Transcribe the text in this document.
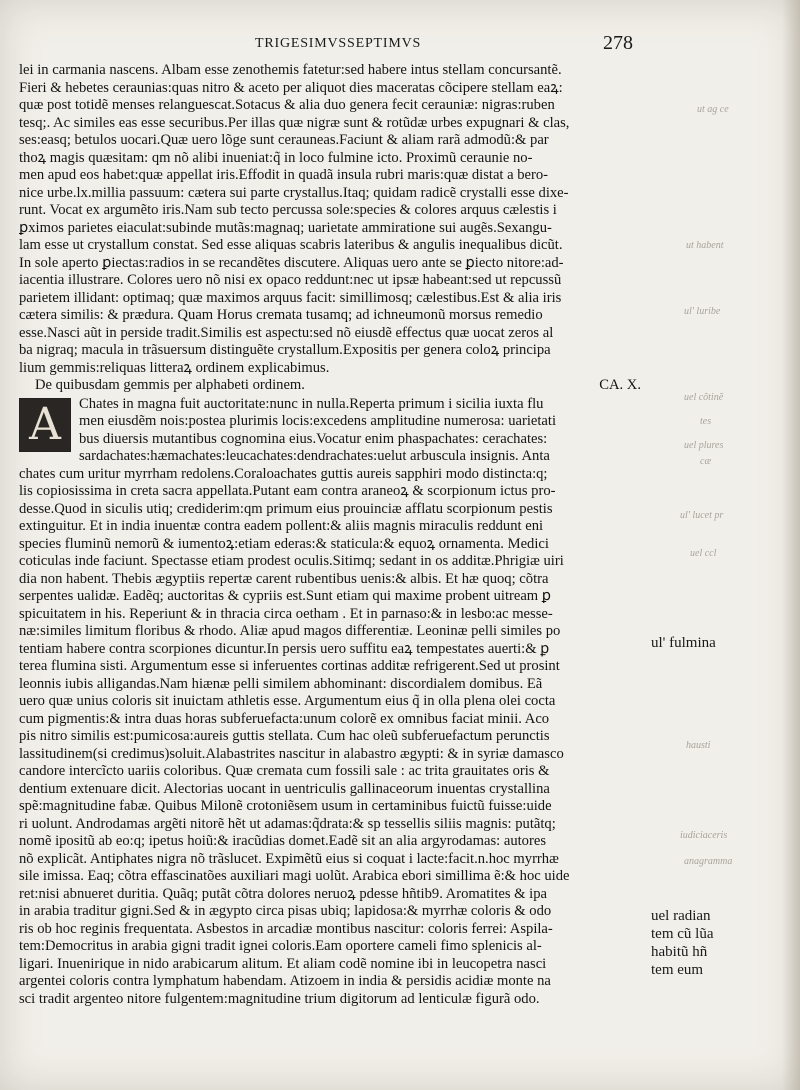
TRIGESIMVSSEPTIMVS	278
lei in carmania nascens. Albam esse zenothemis fatetur:sed habere intus stellam concursantẽ.
Fieri & hebetes ceraunias:quas nitro & aceto per aliquot dies maceratas cõcipere stellam eaꝝ:
quæ post totidẽ menses relanguescat.Sotacus & alia duo genera fecit cerauniæ: nigras:ruben
tesq;. Ac similes eas esse securibus.Per illas quæ nigræ sunt & rotũdæ urbes expugnari & clas,
ses:easq; betulos uocari.Quæ uero lõge sunt cerauneas.Faciunt & aliam rarã admodũ:& par
thoꝝ magis quæsitam: qm nõ alibi inueniat:q̃ in loco fulmine icto. Proximũ ceraunie no-
men apud eos habet:quæ appellat iris.Effodit in quadã insula rubri maris:quæ distat a bero-
nice urbe.lx.millia passuum: cætera sui parte crystallus.Itaq; quidam radicẽ crystalli esse dixe-
runt. Vocat ex argumẽto iris.Nam sub tecto percussa sole:species & colores arquus cælestis i
ꝑximos parietes eiaculat:subinde mutãs:magnaq; uarietate ammiratione sui augẽs.Sexangu-
lam esse ut crystallum constat. Sed esse aliquas scabris lateribus & angulis inequalibus dicũt.
In sole aperto ꝑiectas:radios in se recandẽtes discutere. Aliquas uero ante se ꝑiecto nitore:ad-
iacentia illustrare. Colores uero nõ nisi ex opaco reddunt:nec ut ipsæ habeant:sed ut repcussũ
parietem illidant: optimaq; quæ maximos arquus facit: simillimosq; cælestibus.Est & alia iris
cætera similis: & prædura. Quam Horus cremata tusamq; ad ichneumonũ morsus remedio
esse.Nasci aũt in perside tradit.Similis est aspectu:sed nõ eiusdẽ effectus quæ uocat zeros al
ba nigraq; macula in trãsuersum distinguẽte crystallum.Expositis per genera coloꝝ principa
lium gemmis:reliquas litteraꝝ ordinem explicabimus.
De quibusdam gemmis per alphabeti ordinem.	CA. X.
A	Chates in magna fuit auctoritate:nunc in nulla.Reperta primum i sicilia iuxta flu
men eiusdẽm nois:postea plurimis locis:excedens amplitudine numerosa: uarietati
bus diuersis mutantibus cognomina eius.Vocatur enim phaspachates: cerachates:
sardachates:hæmachates:leucachates:dendrachates:uelut arbuscula insignis. Anta
chates cum uritur myrrham redolens.Coraloachates guttis aureis sapphiri modo distincta:q;
lis copiosissima in creta sacra appellata.Putant eam contra araneoꝝ & scorpionum ictus pro-
desse.Quod in siculis utiq; crediderim:qm primum eius prouinciæ afflatu scorpionum pestis
extinguitur. Et in india inuentæ contra eadem pollent:& aliis magnis miraculis reddunt eni
species fluminũ nemorũ & iumentoꝝ:etiam ederas:& staticula:& equoꝝ ornamenta. Medici
coticulas inde faciunt. Spectasse etiam prodest oculis.Sitimq; sedant in os additæ.Phrigiæ uiri
dia non habent. Thebis ægyptiis repertæ carent rubentibus uenis:& albis. Et hæ quoq; cõtra
serpentes ualidæ. Eadẽq; auctoritas & cypriis est.Sunt etiam qui maxime probent uitream ꝑ
spicuitatem in his. Reperiunt & in thracia circa oetham . Et in parnaso:& in lesbo:ac messe-
næ:similes limitum floribus & rhodo. Aliæ apud magos differentiæ. Leoninæ pelli similes po
tentiam habere contra scorpiones dicuntur.In persis uero suffitu eaꝝ tempestates auerti:& ꝑ
terea flumina sisti. Argumentum esse si inferuentes cortinas additæ refrigerent.Sed ut prosint
leonnis iubis alligandas.Nam hiænæ pelli similem abhominant: discordialem domibus. Eã
uero quæ unius coloris sit inuictam athletis esse. Argumentum eius q̃ in olla plena olei cocta
cum pigmentis:& intra duas horas subferuefacta:unum colorẽ ex omnibus faciat minii. Aco
pis nitro similis est:pumicosa:aureis guttis stellata. Cum hac oleũ subferuefactum perunctis
lassitudinem(si credimus)soluit.Alabastrites nascitur in alabastro ægypti: & in syriæ damasco
candore intercĩcto uariis coloribus. Quæ cremata cum fossili sale : ac trita grauitates oris &
dentium extenuare dicit. Alectorias uocant in uentriculis gallinaceorum inuentas crystallina
spẽ:magnitudine fabæ. Quibus Milonẽ crotoniẽsem usum in certaminibus fuictũ fuisse:uide
ri uolunt. Androdamas argẽti nitorẽ hẽt ut adamas:q̃drata:& sp tessellis siliis magnis: putãtq;
nomẽ ipositũ ab eo:q; ipetus hoiũ:& iracũdias domet.Eadẽ sit an alia argyrodamas: autores
nõ explicãt. Antiphates nigra nõ trãslucet. Expimẽtũ eius si coquat i lacte:facit.n.hoc myrrhæ
sile imissa. Eaq; cõtra effascinatões auxiliari magi uolũt. Arabica ebori simillima ẽ:& hoc uide
ret:nisi abnueret duritia. Quãq; putãt cõtra dolores neruoꝝ pdesse hñtib9. Aromatites & ipa
in arabia traditur gigni.Sed & in ægypto circa pisas ubiq; lapidosa:& myrrhæ coloris & odo
ris ob hoc reginis frequentata. Asbestos in arcadiæ montibus nascitur: coloris ferrei: Aspila-
tem:Democritus in arabia gigni tradit ignei coloris.Eam oportere cameli fimo splenicis al-
ligari. Inuenirique in nido arabicarum alitum. Et aliam codẽ nomine ibi in leucopetra nasci
argentei coloris contra lymphatum habendam. Atizoem in india & persidis acidiæ monte na
sci tradit argenteo nitore fulgentem:magnitudine trium digitorum ad lenticulæ figurã odo.
ut ag ce
ut habent
ul' luribe
uel cõtinẽ
tes
uel plures
cæ
ul' lucet pr
uel ccl
hausti
iudiciaceris
anagramma
ul' fulmina
uel radian
tem cũ lũa
habitũ hñ
tem eum
